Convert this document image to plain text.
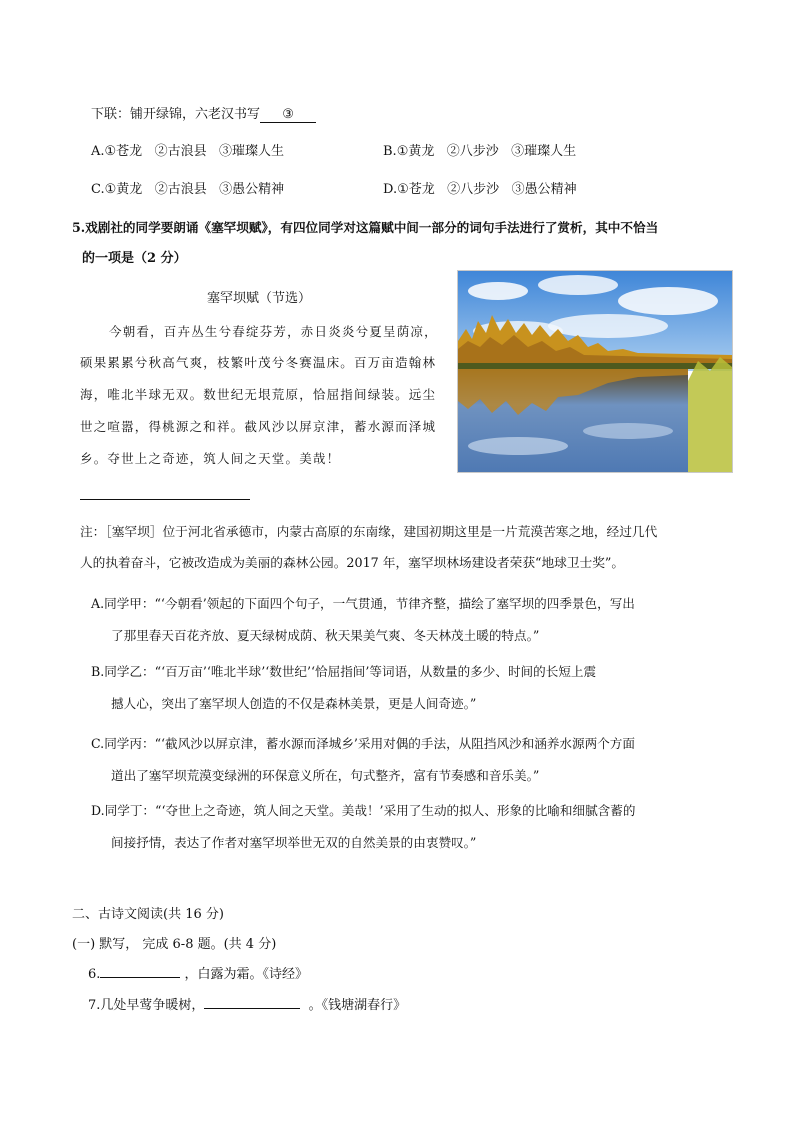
下联：铺开绿锦，六老汉书写 ③
A.①苍龙 ②古浪县 ③璀璨人生	B.①黄龙 ②八步沙 ③璀璨人生
C.①黄龙 ②古浪县 ③愚公精神	D.①苍龙 ②八步沙 ③愚公精神
5.戏剧社的同学要朗诵《塞罕坝赋》，有四位同学对这篇赋中间一部分的词句手法进行了赏析，其中不恰当
的一项是（2 分）
塞罕坝赋（节选）
今朝看，百卉丛生兮春绽芬芳，赤日炎炎兮夏呈荫凉，
硕果累累兮秋高气爽，枝繁叶茂兮冬赛温床。百万亩造翰林
海，唯北半球无双。数世纪无垠荒原，恰屈指间绿装。远尘
世之喧嚣，得桃源之和祥。截风沙以屏京津，蓄水源而泽城
乡。夺世上之奇迹，筑人间之天堂。美哉！
注：［塞罕坝］位于河北省承德市，内蒙古高原的东南缘，建国初期这里是一片荒漠苦寒之地，经过几代
人的执着奋斗，它被改造成为美丽的森林公园。2017 年，塞罕坝林场建设者荣获“地球卫士奖”。
A.同学甲：“‘今朝看’领起的下面四个句子，一气贯通，节律齐整，描绘了塞罕坝的四季景色，写出
了那里春天百花齐放、夏天绿树成荫、秋天果美气爽、冬天林茂土暖的特点。”
B.同学乙：“‘百万亩’‘唯北半球’‘数世纪’‘恰屈指间’等词语，从数量的多少、时间的长短上震
撼人心，突出了塞罕坝人创造的不仅是森林美景，更是人间奇迹。”
C.同学丙：“‘截风沙以屏京津，蓄水源而泽城乡’采用对偶的手法，从阻挡风沙和涵养水源两个方面
道出了塞罕坝荒漠变绿洲的环保意义所在，句式整齐，富有节奏感和音乐美。”
D.同学丁：“‘夺世上之奇迹，筑人间之天堂。美哉！’采用了生动的拟人、形象的比喻和细腻含蓄的
间接抒情，表达了作者对塞罕坝举世无双的自然美景的由衷赞叹。”
二、古诗文阅读(共 16 分)
(一) 默写， 完成 6-8 题。(共 4 分)
6.	，白露为霜。《诗经》
7.几处早莺争暖树，	。《钱塘湖春行》
